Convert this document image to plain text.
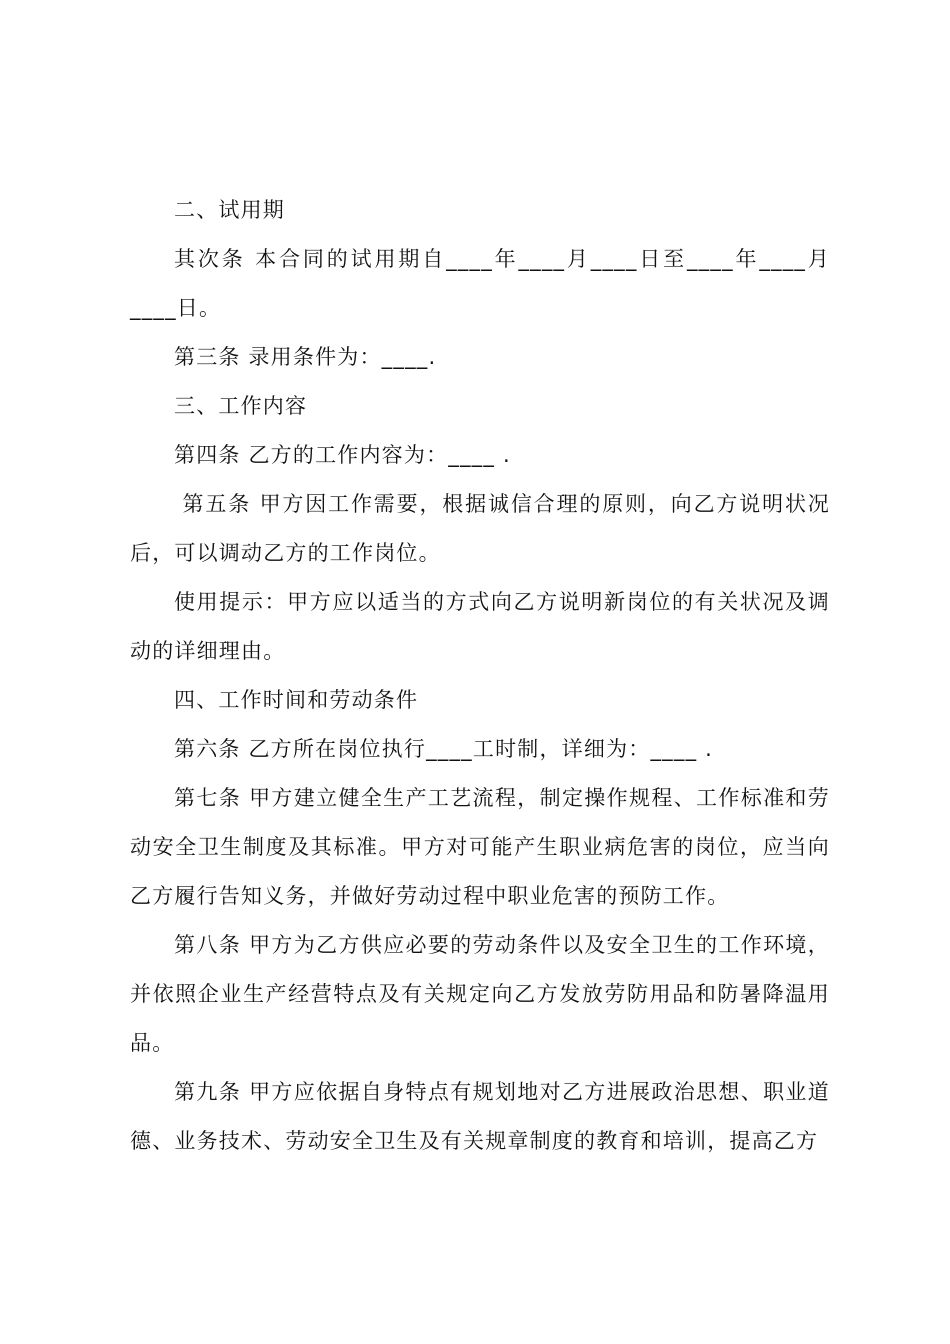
二、试用期

其次条 本合同的试用期自____年____月____日至____年____月____日。

第三条 录用条件为：____.

三、工作内容

第四条 乙方的工作内容为：____ .

第五条 甲方因工作需要，根据诚信合理的原则，向乙方说明状况后，可以调动乙方的工作岗位。

使用提示：甲方应以适当的方式向乙方说明新岗位的有关状况及调动的详细理由。

四、工作时间和劳动条件

第六条 乙方所在岗位执行____工时制，详细为：____ .

第七条 甲方建立健全生产工艺流程，制定操作规程、工作标准和劳动安全卫生制度及其标准。甲方对可能产生职业病危害的岗位，应当向乙方履行告知义务，并做好劳动过程中职业危害的预防工作。

第八条 甲方为乙方供应必要的劳动条件以及安全卫生的工作环境，并依照企业生产经营特点及有关规定向乙方发放劳防用品和防暑降温用品。

第九条 甲方应依据自身特点有规划地对乙方进展政治思想、职业道德、业务技术、劳动安全卫生及有关规章制度的教育和培训，提高乙方
